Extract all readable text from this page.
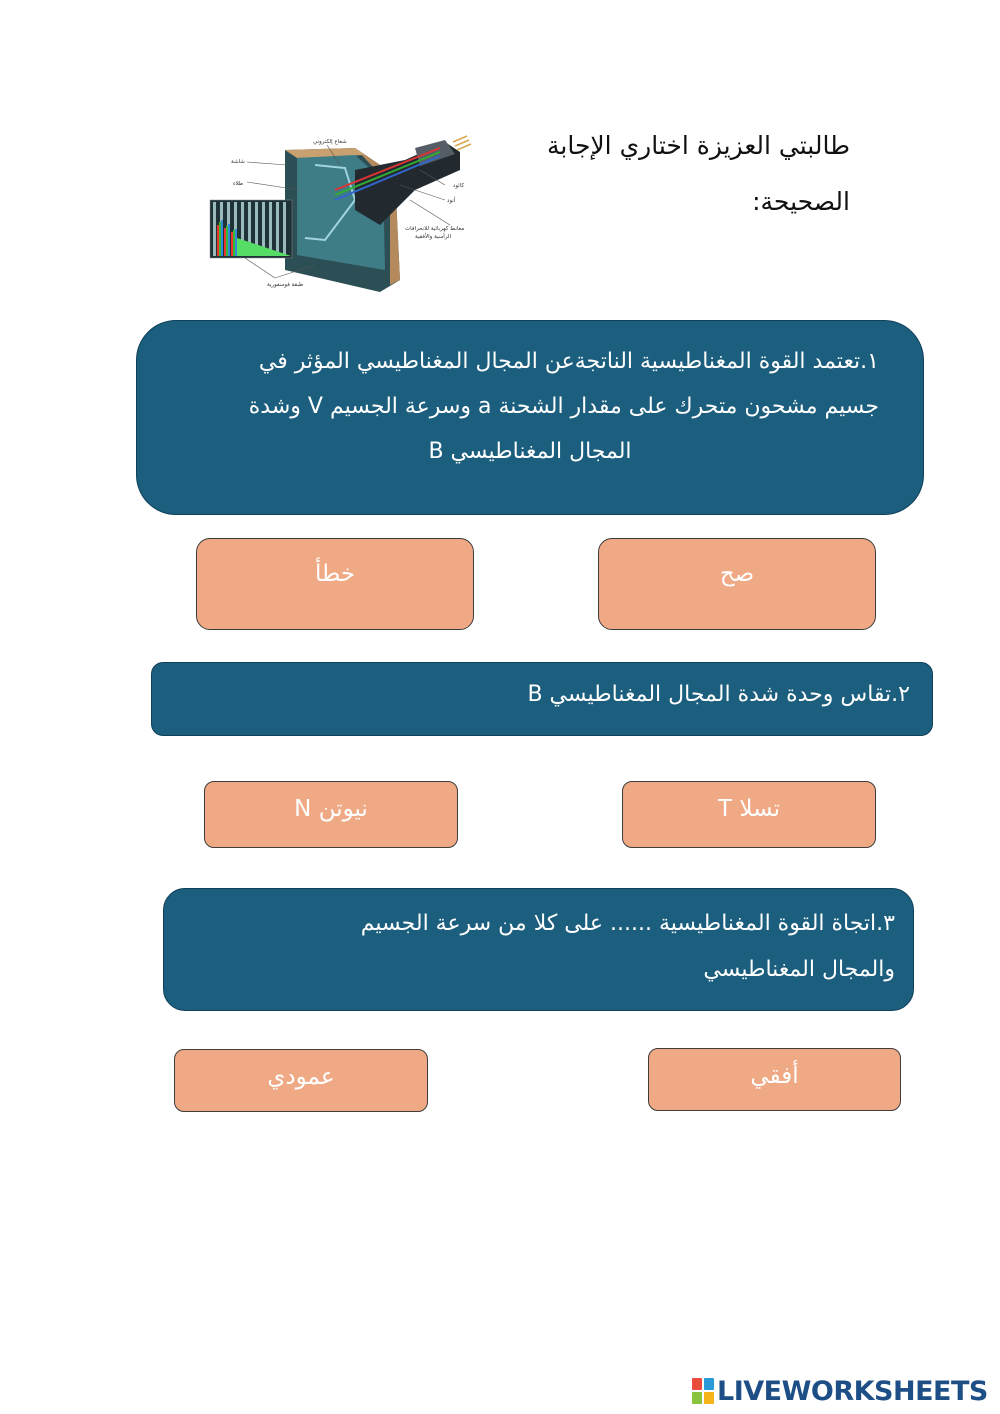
طالبتي العزيزة اختاري الإجابة
الصحيحة:
شعاع إلكتروني
شاشة
طلاء	كاثود
أنود
مغانط كهربائية للانحرافات
الرأسية والأفقية
طبقة فوسفورية
١.تعتمد القوة المغناطيسية الناتجةعن المجال المغناطيسي المؤثر في
جسيم مشحون متحرك على مقدار الشحنة a وسرعة الجسيم V وشدة

المجال المغناطيسي B
صح
خطأ
٢.تقاس وحدة شدة المجال المغناطيسي B
تسلا T
نيوتن N
٣.اتجاة القوة المغناطيسية ...... على كلا من سرعة الجسيم
والمجال المغناطيسي
أفقي
عمودي
LIVEWORKSHEETS
